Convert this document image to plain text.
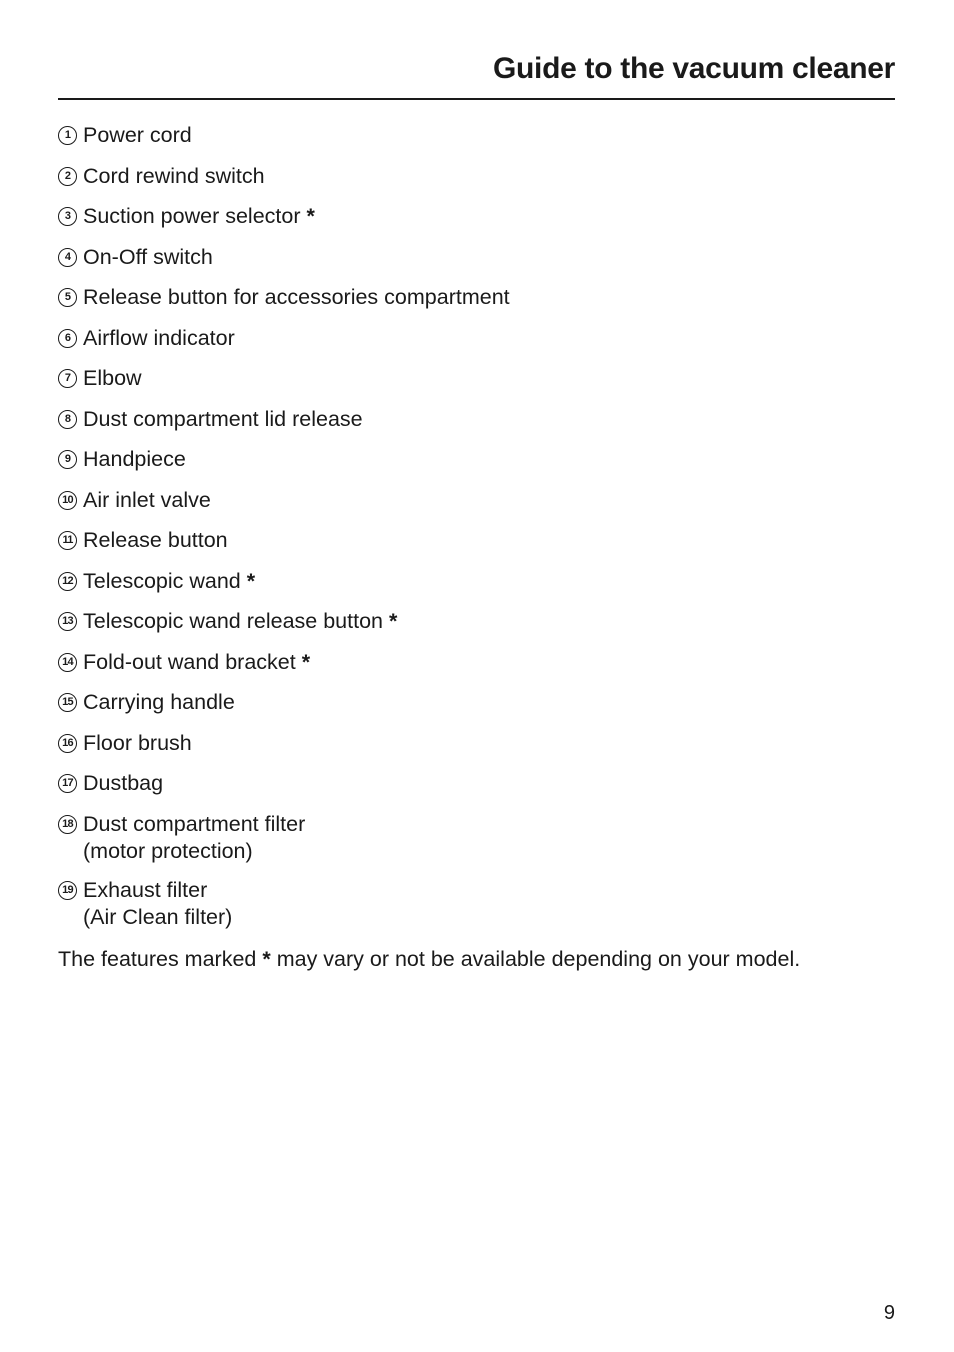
Guide to the vacuum cleaner
1 Power cord
2 Cord rewind switch
3 Suction power selector *
4 On-Off switch
5 Release button for accessories compartment
6 Airflow indicator
7 Elbow
8 Dust compartment lid release
9 Handpiece
10 Air inlet valve
11 Release button
12 Telescopic wand *
13 Telescopic wand release button *
14 Fold-out wand bracket *
15 Carrying handle
16 Floor brush
17 Dustbag
18 Dust compartment filter
(motor protection)
19 Exhaust filter
(Air Clean filter)

The features marked * may vary or not be available depending on your model.

9
